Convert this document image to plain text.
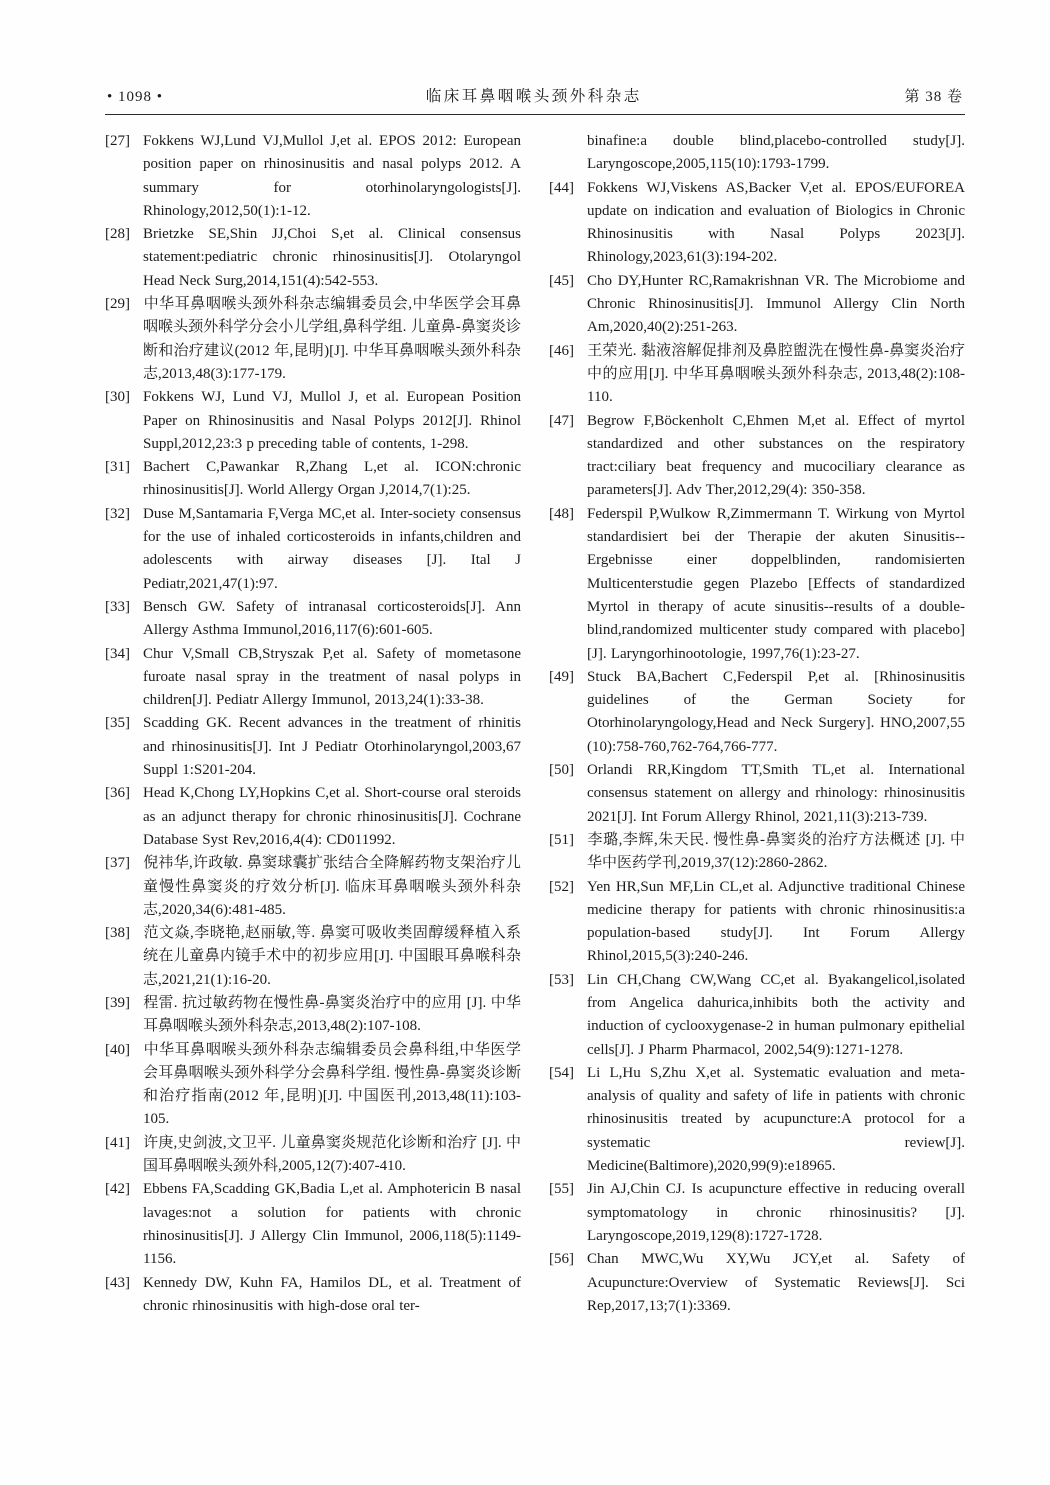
• 1098 •	临床耳鼻咽喉头颈外科杂志	第 38 卷
[27] Fokkens WJ,Lund VJ,Mullol J,et al. EPOS 2012: European position paper on rhinosinusitis and nasal polyps 2012. A summary for otorhinolaryngologists[J]. Rhinology,2012,50(1):1-12.
[28] Brietzke SE,Shin JJ,Choi S,et al. Clinical consensus statement:pediatric chronic rhinosinusitis[J]. Otolaryngol Head Neck Surg,2014,151(4):542-553.
[29] 中华耳鼻咽喉头颈外科杂志编辑委员会,中华医学会耳鼻咽喉头颈外科学分会小儿学组,鼻科学组. 儿童鼻-鼻窦炎诊断和治疗建议(2012 年,昆明)[J]. 中华耳鼻咽喉头颈外科杂志,2013,48(3):177-179.
[30] Fokkens WJ, Lund VJ, Mullol J, et al. European Position Paper on Rhinosinusitis and Nasal Polyps 2012[J]. Rhinol Suppl,2012,23:3 p preceding table of contents, 1-298.
[31] Bachert C,Pawankar R,Zhang L,et al. ICON:chronic rhinosinusitis[J]. World Allergy Organ J,2014,7(1):25.
[32] Duse M,Santamaria F,Verga MC,et al. Inter-society consensus for the use of inhaled corticosteroids in infants,children and adolescents with airway diseases [J]. Ital J Pediatr,2021,47(1):97.
[33] Bensch GW. Safety of intranasal corticosteroids[J]. Ann Allergy Asthma Immunol,2016,117(6):601-605.
[34] Chur V,Small CB,Stryszak P,et al. Safety of mometasone furoate nasal spray in the treatment of nasal polyps in children[J]. Pediatr Allergy Immunol, 2013,24(1):33-38.
[35] Scadding GK. Recent advances in the treatment of rhinitis and rhinosinusitis[J]. Int J Pediatr Otorhinolaryngol,2003,67 Suppl 1:S201-204.
[36] Head K,Chong LY,Hopkins C,et al. Short-course oral steroids as an adjunct therapy for chronic rhinosinusitis[J]. Cochrane Database Syst Rev,2016,4(4): CD011992.
[37] 倪祎华,许政敏. 鼻窦球囊扩张结合全降解药物支架治疗儿童慢性鼻窦炎的疗效分析[J]. 临床耳鼻咽喉头颈外科杂志,2020,34(6):481-485.
[38] 范文焱,李晓艳,赵丽敏,等. 鼻窦可吸收类固醇缓释植入系统在儿童鼻内镜手术中的初步应用[J]. 中国眼耳鼻喉科杂志,2021,21(1):16-20.
[39] 程雷. 抗过敏药物在慢性鼻-鼻窦炎治疗中的应用 [J]. 中华耳鼻咽喉头颈外科杂志,2013,48(2):107-108.
[40] 中华耳鼻咽喉头颈外科杂志编辑委员会鼻科组,中华医学会耳鼻咽喉头颈外科学分会鼻科学组. 慢性鼻-鼻窦炎诊断和治疗指南(2012 年,昆明)[J]. 中国医刊,2013,48(11):103-105.
[41] 许庚,史剑波,文卫平. 儿童鼻窦炎规范化诊断和治疗 [J]. 中国耳鼻咽喉头颈外科,2005,12(7):407-410.
[42] Ebbens FA,Scadding GK,Badia L,et al. Amphotericin B nasal lavages:not a solution for patients with chronic rhinosinusitis[J]. J Allergy Clin Immunol, 2006,118(5):1149-1156.
[43] Kennedy DW, Kuhn FA, Hamilos DL, et al. Treatment of chronic rhinosinusitis with high-dose oral ter-
binafine:a double blind,placebo-controlled study[J]. Laryngoscope,2005,115(10):1793-1799.
[44] Fokkens WJ,Viskens AS,Backer V,et al. EPOS/EUFOREA update on indication and evaluation of Biologics in Chronic Rhinosinusitis with Nasal Polyps 2023[J]. Rhinology,2023,61(3):194-202.
[45] Cho DY,Hunter RC,Ramakrishnan VR. The Microbiome and Chronic Rhinosinusitis[J]. Immunol Allergy Clin North Am,2020,40(2):251-263.
[46] 王荣光. 黏液溶解促排剂及鼻腔盥洗在慢性鼻-鼻窦炎治疗中的应用[J]. 中华耳鼻咽喉头颈外科杂志, 2013,48(2):108-110.
[47] Begrow F,Böckenholt C,Ehmen M,et al. Effect of myrtol standardized and other substances on the respiratory tract:ciliary beat frequency and mucociliary clearance as parameters[J]. Adv Ther,2012,29(4): 350-358.
[48] Federspil P,Wulkow R,Zimmermann T. Wirkung von Myrtol standardisiert bei der Therapie der akuten Sinusitis--Ergebnisse einer doppelblinden, randomisierten Multicenterstudie gegen Plazebo [Effects of standardized Myrtol in therapy of acute sinusitis--results of a double-blind,randomized multicenter study compared with placebo][J]. Laryngorhinootologie, 1997,76(1):23-27.
[49] Stuck BA,Bachert C,Federspil P,et al. [Rhinosinusitis guidelines of the German Society for Otorhinolaryngology,Head and Neck Surgery]. HNO,2007,55 (10):758-760,762-764,766-777.
[50] Orlandi RR,Kingdom TT,Smith TL,et al. International consensus statement on allergy and rhinology: rhinosinusitis 2021[J]. Int Forum Allergy Rhinol, 2021,11(3):213-739.
[51] 李璐,李辉,朱天民. 慢性鼻-鼻窦炎的治疗方法概述 [J]. 中华中医药学刊,2019,37(12):2860-2862.
[52] Yen HR,Sun MF,Lin CL,et al. Adjunctive traditional Chinese medicine therapy for patients with chronic rhinosinusitis:a population-based study[J]. Int Forum Allergy Rhinol,2015,5(3):240-246.
[53] Lin CH,Chang CW,Wang CC,et al. Byakangelicol,isolated from Angelica dahurica,inhibits both the activity and induction of cyclooxygenase-2 in human pulmonary epithelial cells[J]. J Pharm Pharmacol, 2002,54(9):1271-1278.
[54] Li L,Hu S,Zhu X,et al. Systematic evaluation and meta-analysis of quality and safety of life in patients with chronic rhinosinusitis treated by acupuncture:A protocol for a systematic review[J]. Medicine(Baltimore),2020,99(9):e18965.
[55] Jin AJ,Chin CJ. Is acupuncture effective in reducing overall symptomatology in chronic rhinosinusitis? [J]. Laryngoscope,2019,129(8):1727-1728.
[56] Chan MWC,Wu XY,Wu JCY,et al. Safety of Acupuncture:Overview of Systematic Reviews[J]. Sci Rep,2017,13;7(1):3369.
